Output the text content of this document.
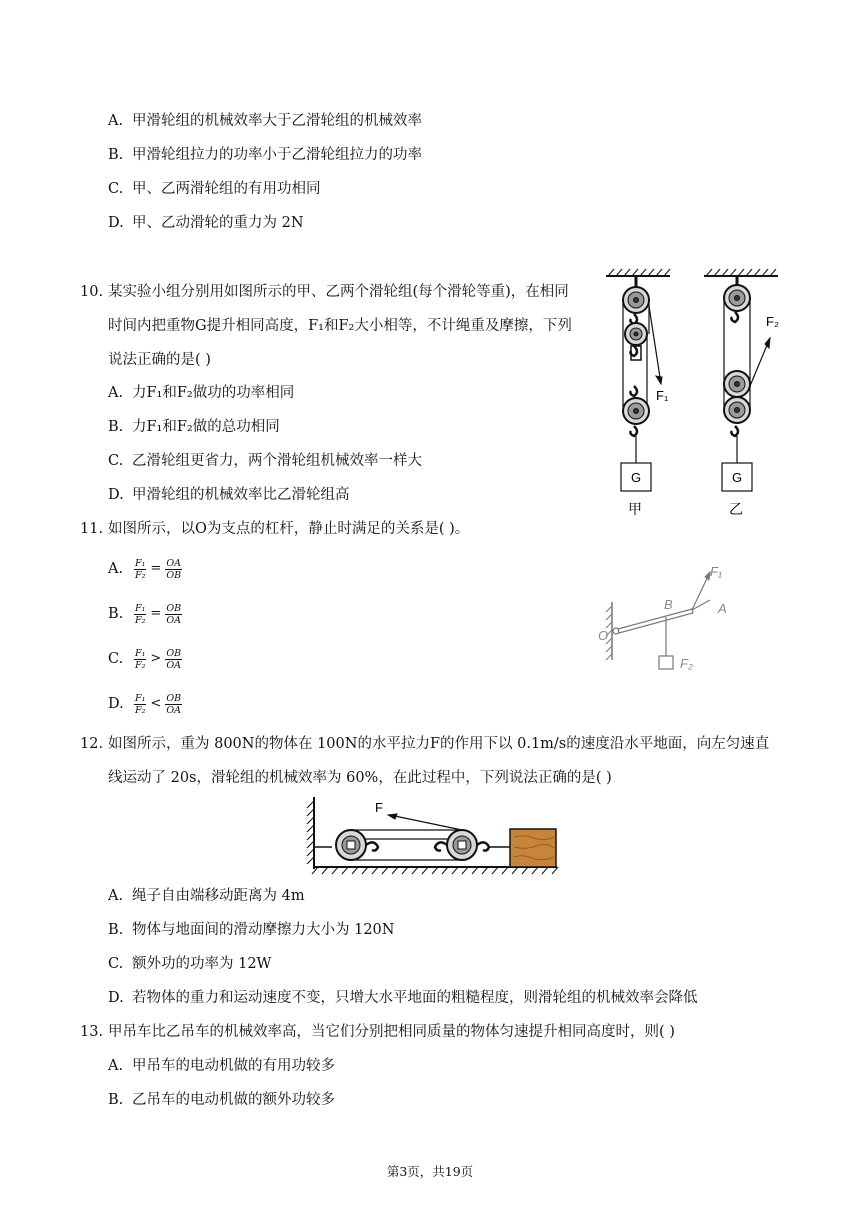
A. 甲滑轮组的机械效率大于乙滑轮组的机械效率
B. 甲滑轮组拉力的功率小于乙滑轮组拉力的功率
C. 甲、乙两滑轮组的有用功相同
D. 甲、乙动滑轮的重力为 2N
10. 某实验小组分别用如图所示的甲、乙两个滑轮组(每个滑轮等重)，在相同
时间内把重物G提升相同高度，F₁和F₂大小相等，不计绳重及摩擦，下列
说法正确的是( )
A. 力F₁和F₂做功的功率相同
B. 力F₁和F₂做的总功相同
C. 乙滑轮组更省力，两个滑轮组机械效率一样大
D. 甲滑轮组的机械效率比乙滑轮组高
F₁
G
甲
F₂
G
乙
11. 如图所示，以O为支点的杠杆，静止时满足的关系是( )。
A. $\frac{\text{F₁}}{\text{F₂}} = \frac{OA}{OB}$
B. $\frac{\text{F₁}}{\text{F₂}} = \frac{OB}{OA}$
C. $\frac{\text{F₁}}{\text{F₂}} > \frac{OB}{OA}$
D. $\frac{\text{F₁}}{\text{F₂}} < \frac{OB}{OA}$
O
B	A
F₁
F₂
12. 如图所示，重为 800N的物体在 100N的水平拉力F的作用下以 0.1m/s的速度沿水平地面，向左匀速直
线运动了 20s，滑轮组的机械效率为 60%，在此过程中，下列说法正确的是( )
F
A. 绳子自由端移动距离为 4m
B. 物体与地面间的滑动摩擦力大小为 120N
C. 额外功的功率为 12W
D. 若物体的重力和运动速度不变，只增大水平地面的粗糙程度，则滑轮组的机械效率会降低
13. 甲吊车比乙吊车的机械效率高，当它们分别把相同质量的物体匀速提升相同高度时，则( )
A. 甲吊车的电动机做的有用功较多
B. 乙吊车的电动机做的额外功较多
第3页，共19页
